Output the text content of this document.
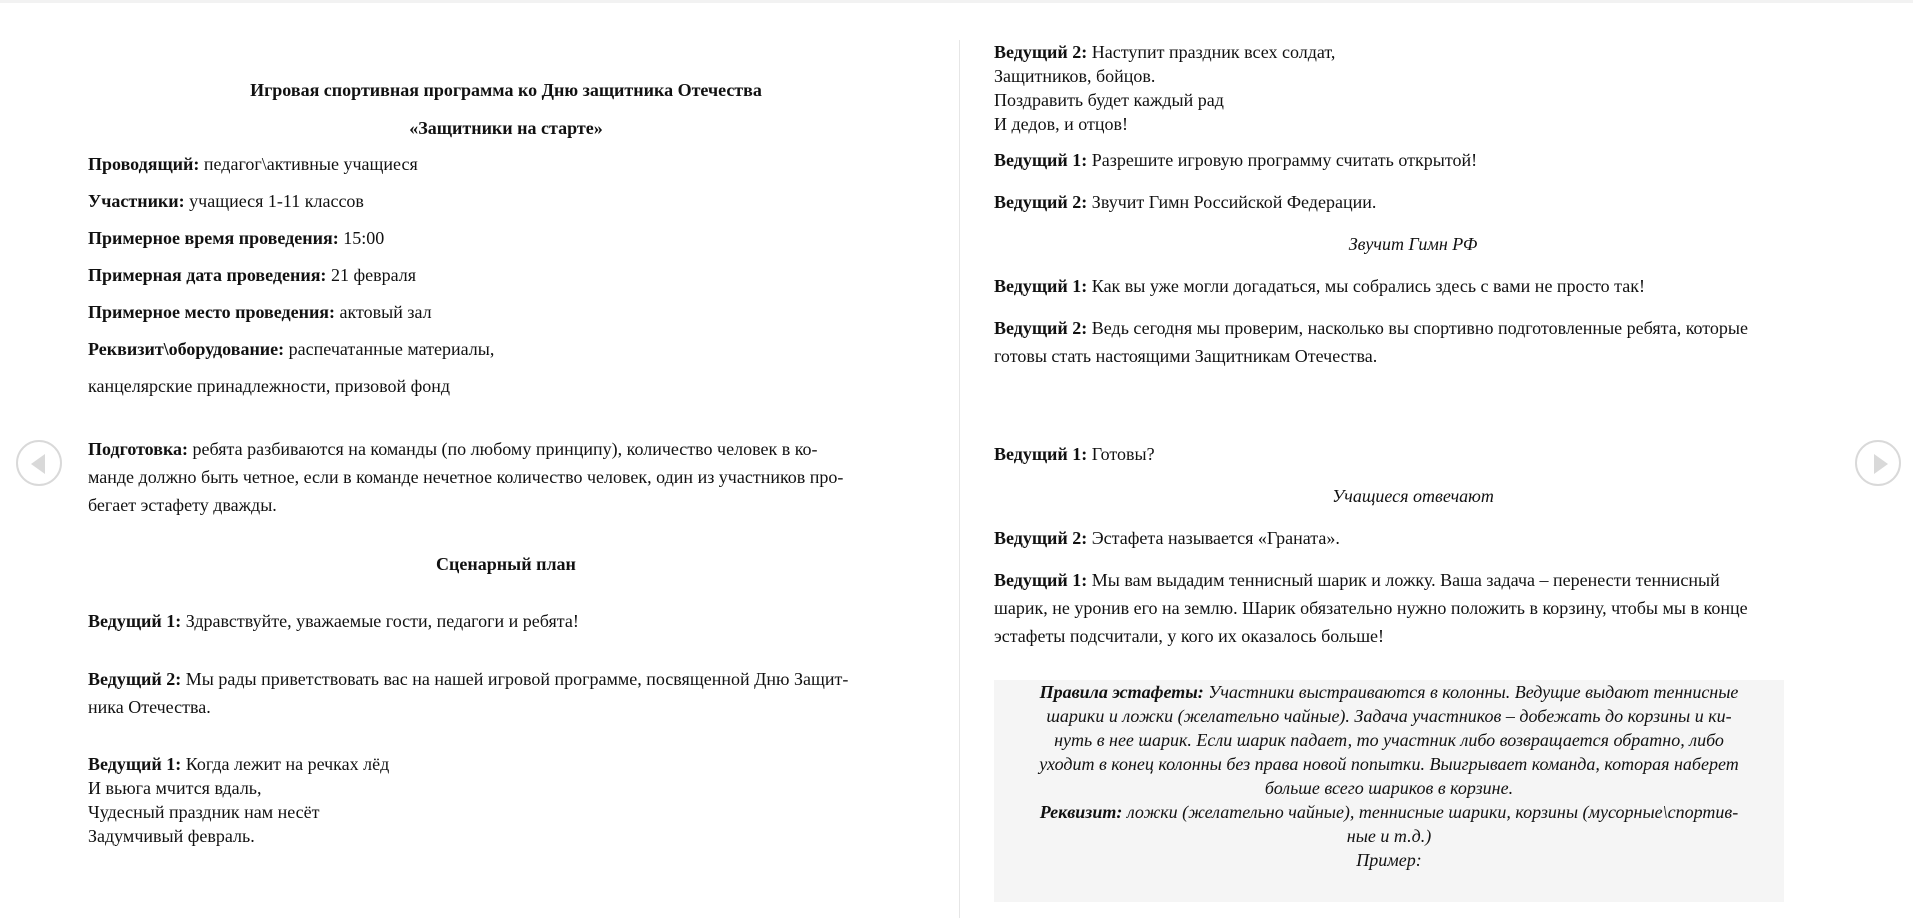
Игровая спортивная программа ко Дню защитника Отечества
«Защитники на старте»
Проводящий: педагог\активные учащиеся
Участники: учащиеся 1-11 классов
Примерное время проведения: 15:00
Примерная дата проведения: 21 февраля
Примерное место проведения: актовый зал
Реквизит\оборудование: распечатанные материалы,
канцелярские принадлежности, призовой фонд
Подготовка: ребята разбиваются на команды (по любому принципу), количество человек в ко-
манде должно быть четное, если в команде нечетное количество человек, один из участников про-
бегает эстафету дважды.
Сценарный план
Ведущий 1: Здравствуйте, уважаемые гости, педагоги и ребята!
Ведущий 2: Мы рады приветствовать вас на нашей игровой программе, посвященной Дню Защит-
ника Отечества.
Ведущий 1: Когда лежит на речках лёд
И вьюга мчится вдаль,
Чудесный праздник нам несёт
Задумчивый февраль.
Ведущий 2: Наступит праздник всех солдат,
Защитников, бойцов.
Поздравить будет каждый рад
И дедов, и отцов!
Ведущий 1: Разрешите игровую программу считать открытой!
Ведущий 2: Звучит Гимн Российской Федерации.
Звучит Гимн РФ
Ведущий 1: Как вы уже могли догадаться, мы собрались здесь с вами не просто так!
Ведущий 2: Ведь сегодня мы проверим, насколько вы спортивно подготовленные ребята, которые
готовы стать настоящими Защитникам Отечества.
Ведущий 1: Готовы?
Учащиеся отвечают
Ведущий 2: Эстафета называется «Граната».
Ведущий 1: Мы вам выдадим теннисный шарик и ложку. Ваша задача – перенести теннисный
шарик, не уронив его на землю. Шарик обязательно нужно положить в корзину, чтобы мы в конце
эстафеты подсчитали, у кого их оказалось больше!
Правила эстафеты: Участники выстраиваются в колонны. Ведущие выдают теннисные
шарики и ложки (желательно чайные). Задача участников – добежать до корзины и ки-
нуть в нее шарик. Если шарик падает, то участник либо возвращается обратно, либо
уходит в конец колонны без права новой попытки. Выигрывает команда, которая наберет
больше всего шариков в корзине.
Реквизит: ложки (желательно чайные), теннисные шарики, корзины (мусорные\спортив-
ные и т.д.)
Пример:
